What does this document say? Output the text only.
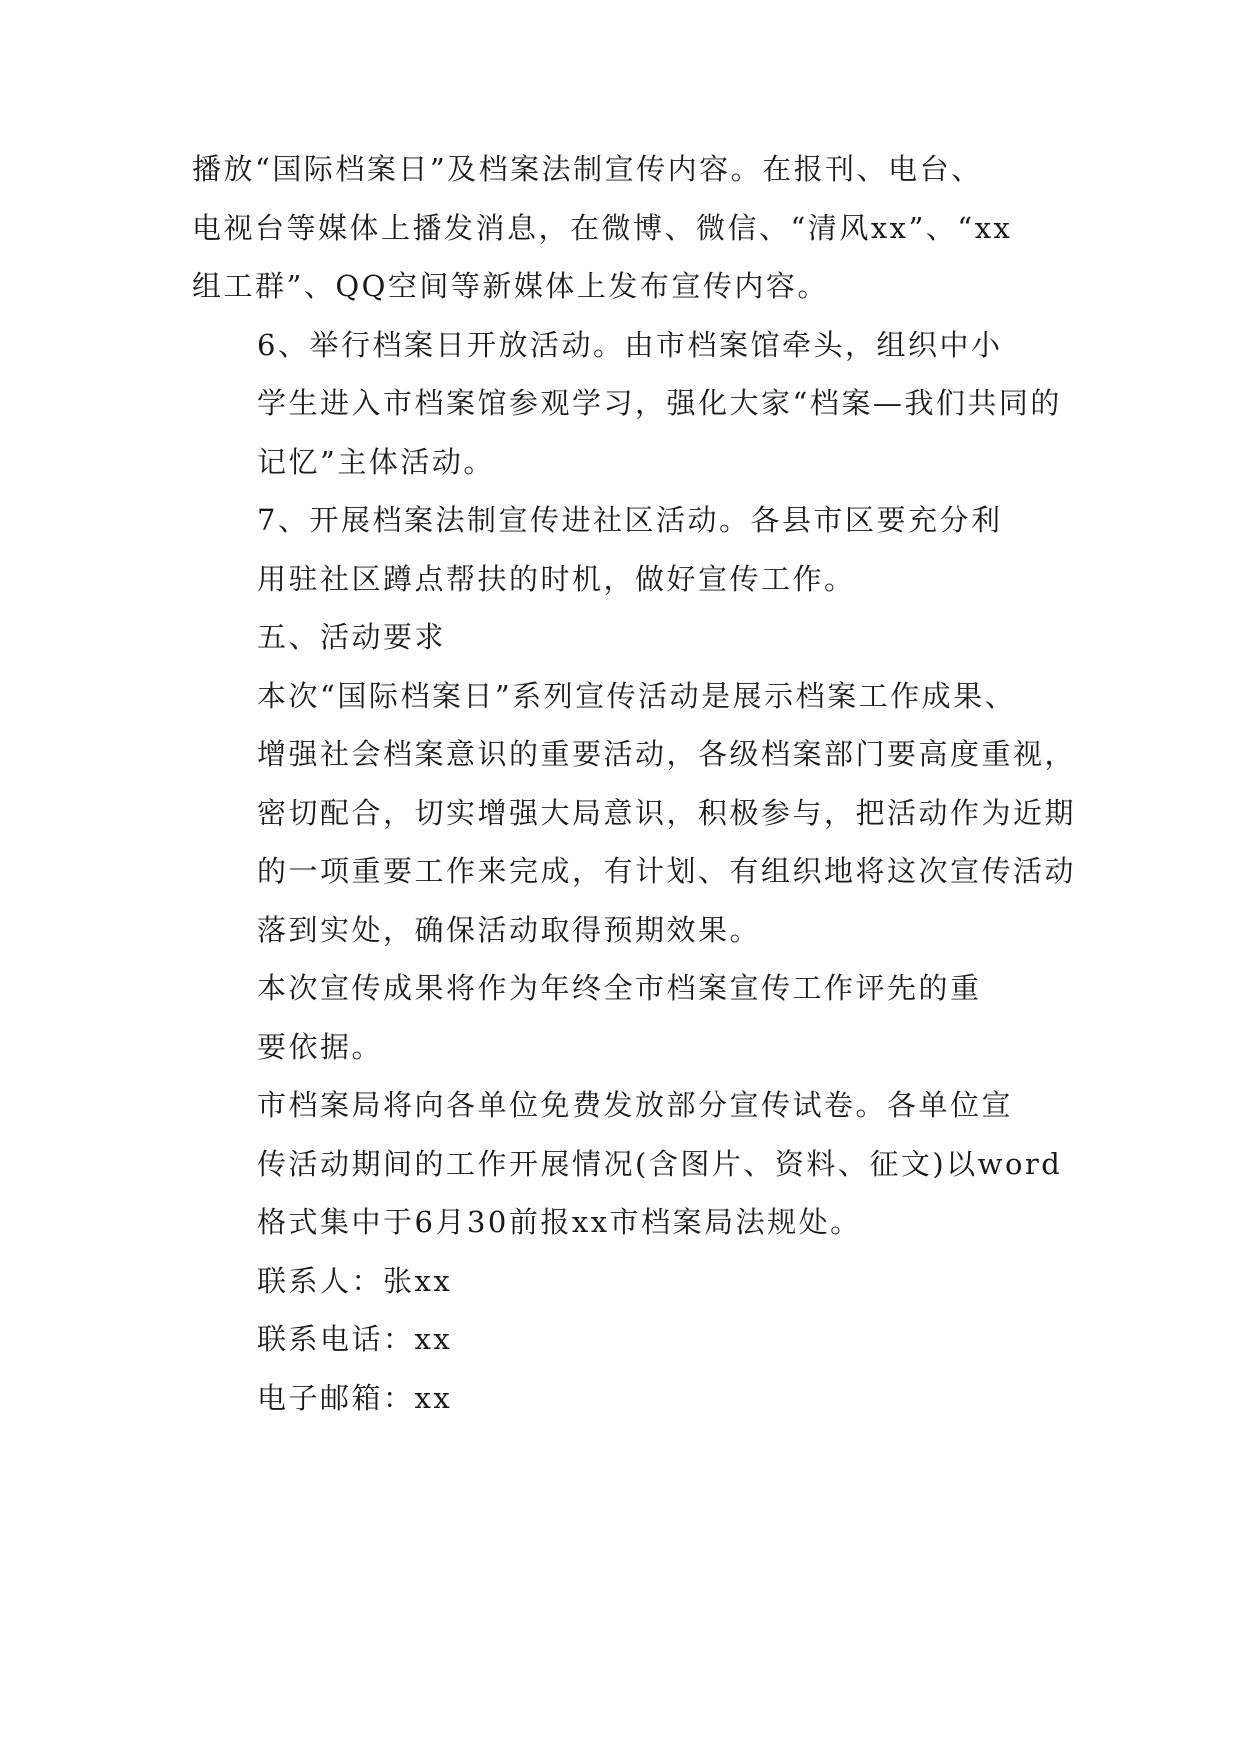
播放“国际档案日”及档案法制宣传内容。在报刊、电台、
电视台等媒体上播发消息，在微博、微信、“清风xx”、“xx
组工群”、QQ空间等新媒体上发布宣传内容。

6、举行档案日开放活动。由市档案馆牵头，组织中小
学生进入市档案馆参观学习，强化大家“档案—我们共同的
记忆”主体活动。

7、开展档案法制宣传进社区活动。各县市区要充分利
用驻社区蹲点帮扶的时机，做好宣传工作。

五、活动要求

本次“国际档案日”系列宣传活动是展示档案工作成果、
增强社会档案意识的重要活动，各级档案部门要高度重视，
密切配合，切实增强大局意识，积极参与，把活动作为近期
的一项重要工作来完成，有计划、有组织地将这次宣传活动
落到实处，确保活动取得预期效果。

本次宣传成果将作为年终全市档案宣传工作评先的重
要依据。

市档案局将向各单位免费发放部分宣传试卷。各单位宣
传活动期间的工作开展情况(含图片、资料、征文)以word
格式集中于6月30前报xx市档案局法规处。

联系人：张xx

联系电话：xx

电子邮箱：xx
